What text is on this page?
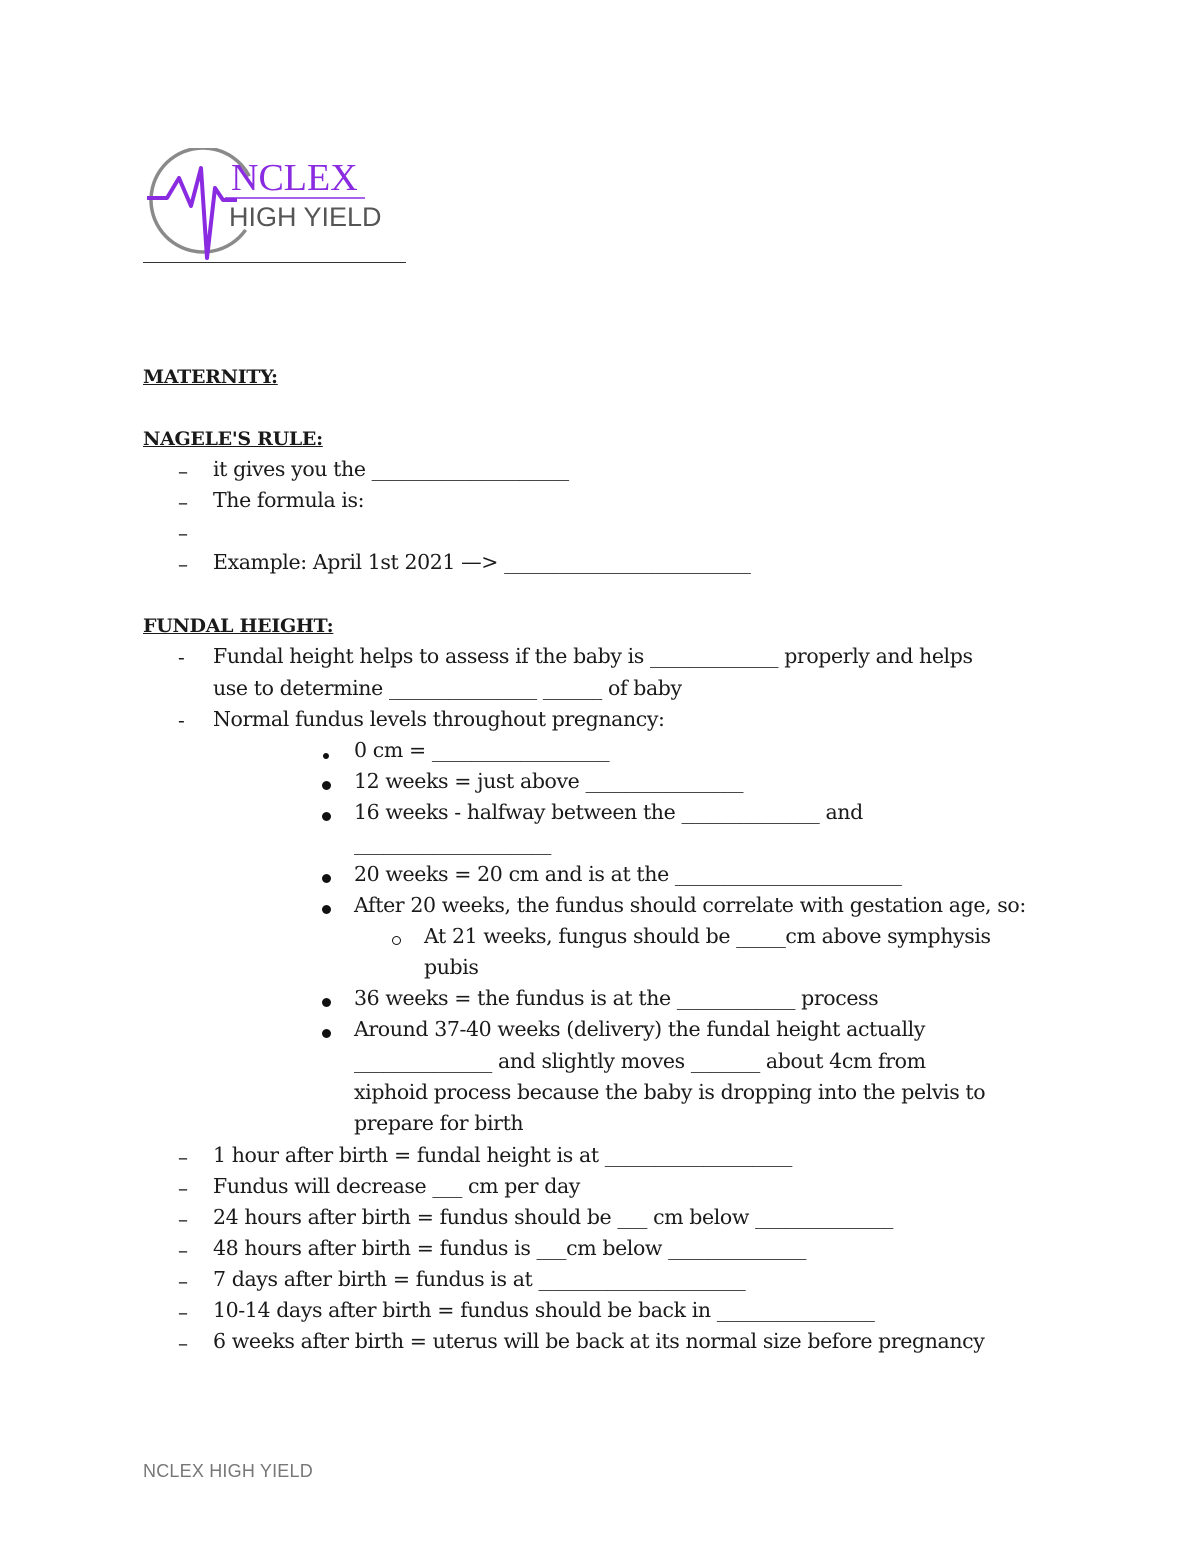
NCLEX
HIGH YIELD
MATERNITY:
NAGELE'S RULE:
– it gives you the ____________________
– The formula is:
–
– Example: April 1st 2021 —> _________________________
FUNDAL HEIGHT:
- Fundal height helps to assess if the baby is _____________ properly and helps
use to determine _______________ ______ of baby
- Normal fundus levels throughout pregnancy:
0 cm = __________________
12 weeks = just above ________________
16 weeks - halfway between the ______________ and
____________________
20 weeks = 20 cm and is at the _______________________
After 20 weeks, the fundus should correlate with gestation age, so:
At 21 weeks, fungus should be _____cm above symphysis
pubis
36 weeks = the fundus is at the ____________ process
Around 37-40 weeks (delivery) the fundal height actually
______________ and slightly moves _______ about 4cm from
xiphoid process because the baby is dropping into the pelvis to
prepare for birth
– 1 hour after birth = fundal height is at ___________________
– Fundus will decrease ___ cm per day
– 24 hours after birth = fundus should be ___ cm below ______________
– 48 hours after birth = fundus is ___cm below ______________
– 7 days after birth = fundus is at _____________________
– 10-14 days after birth = fundus should be back in ________________
– 6 weeks after birth = uterus will be back at its normal size before pregnancy
NCLEX HIGH YIELD
